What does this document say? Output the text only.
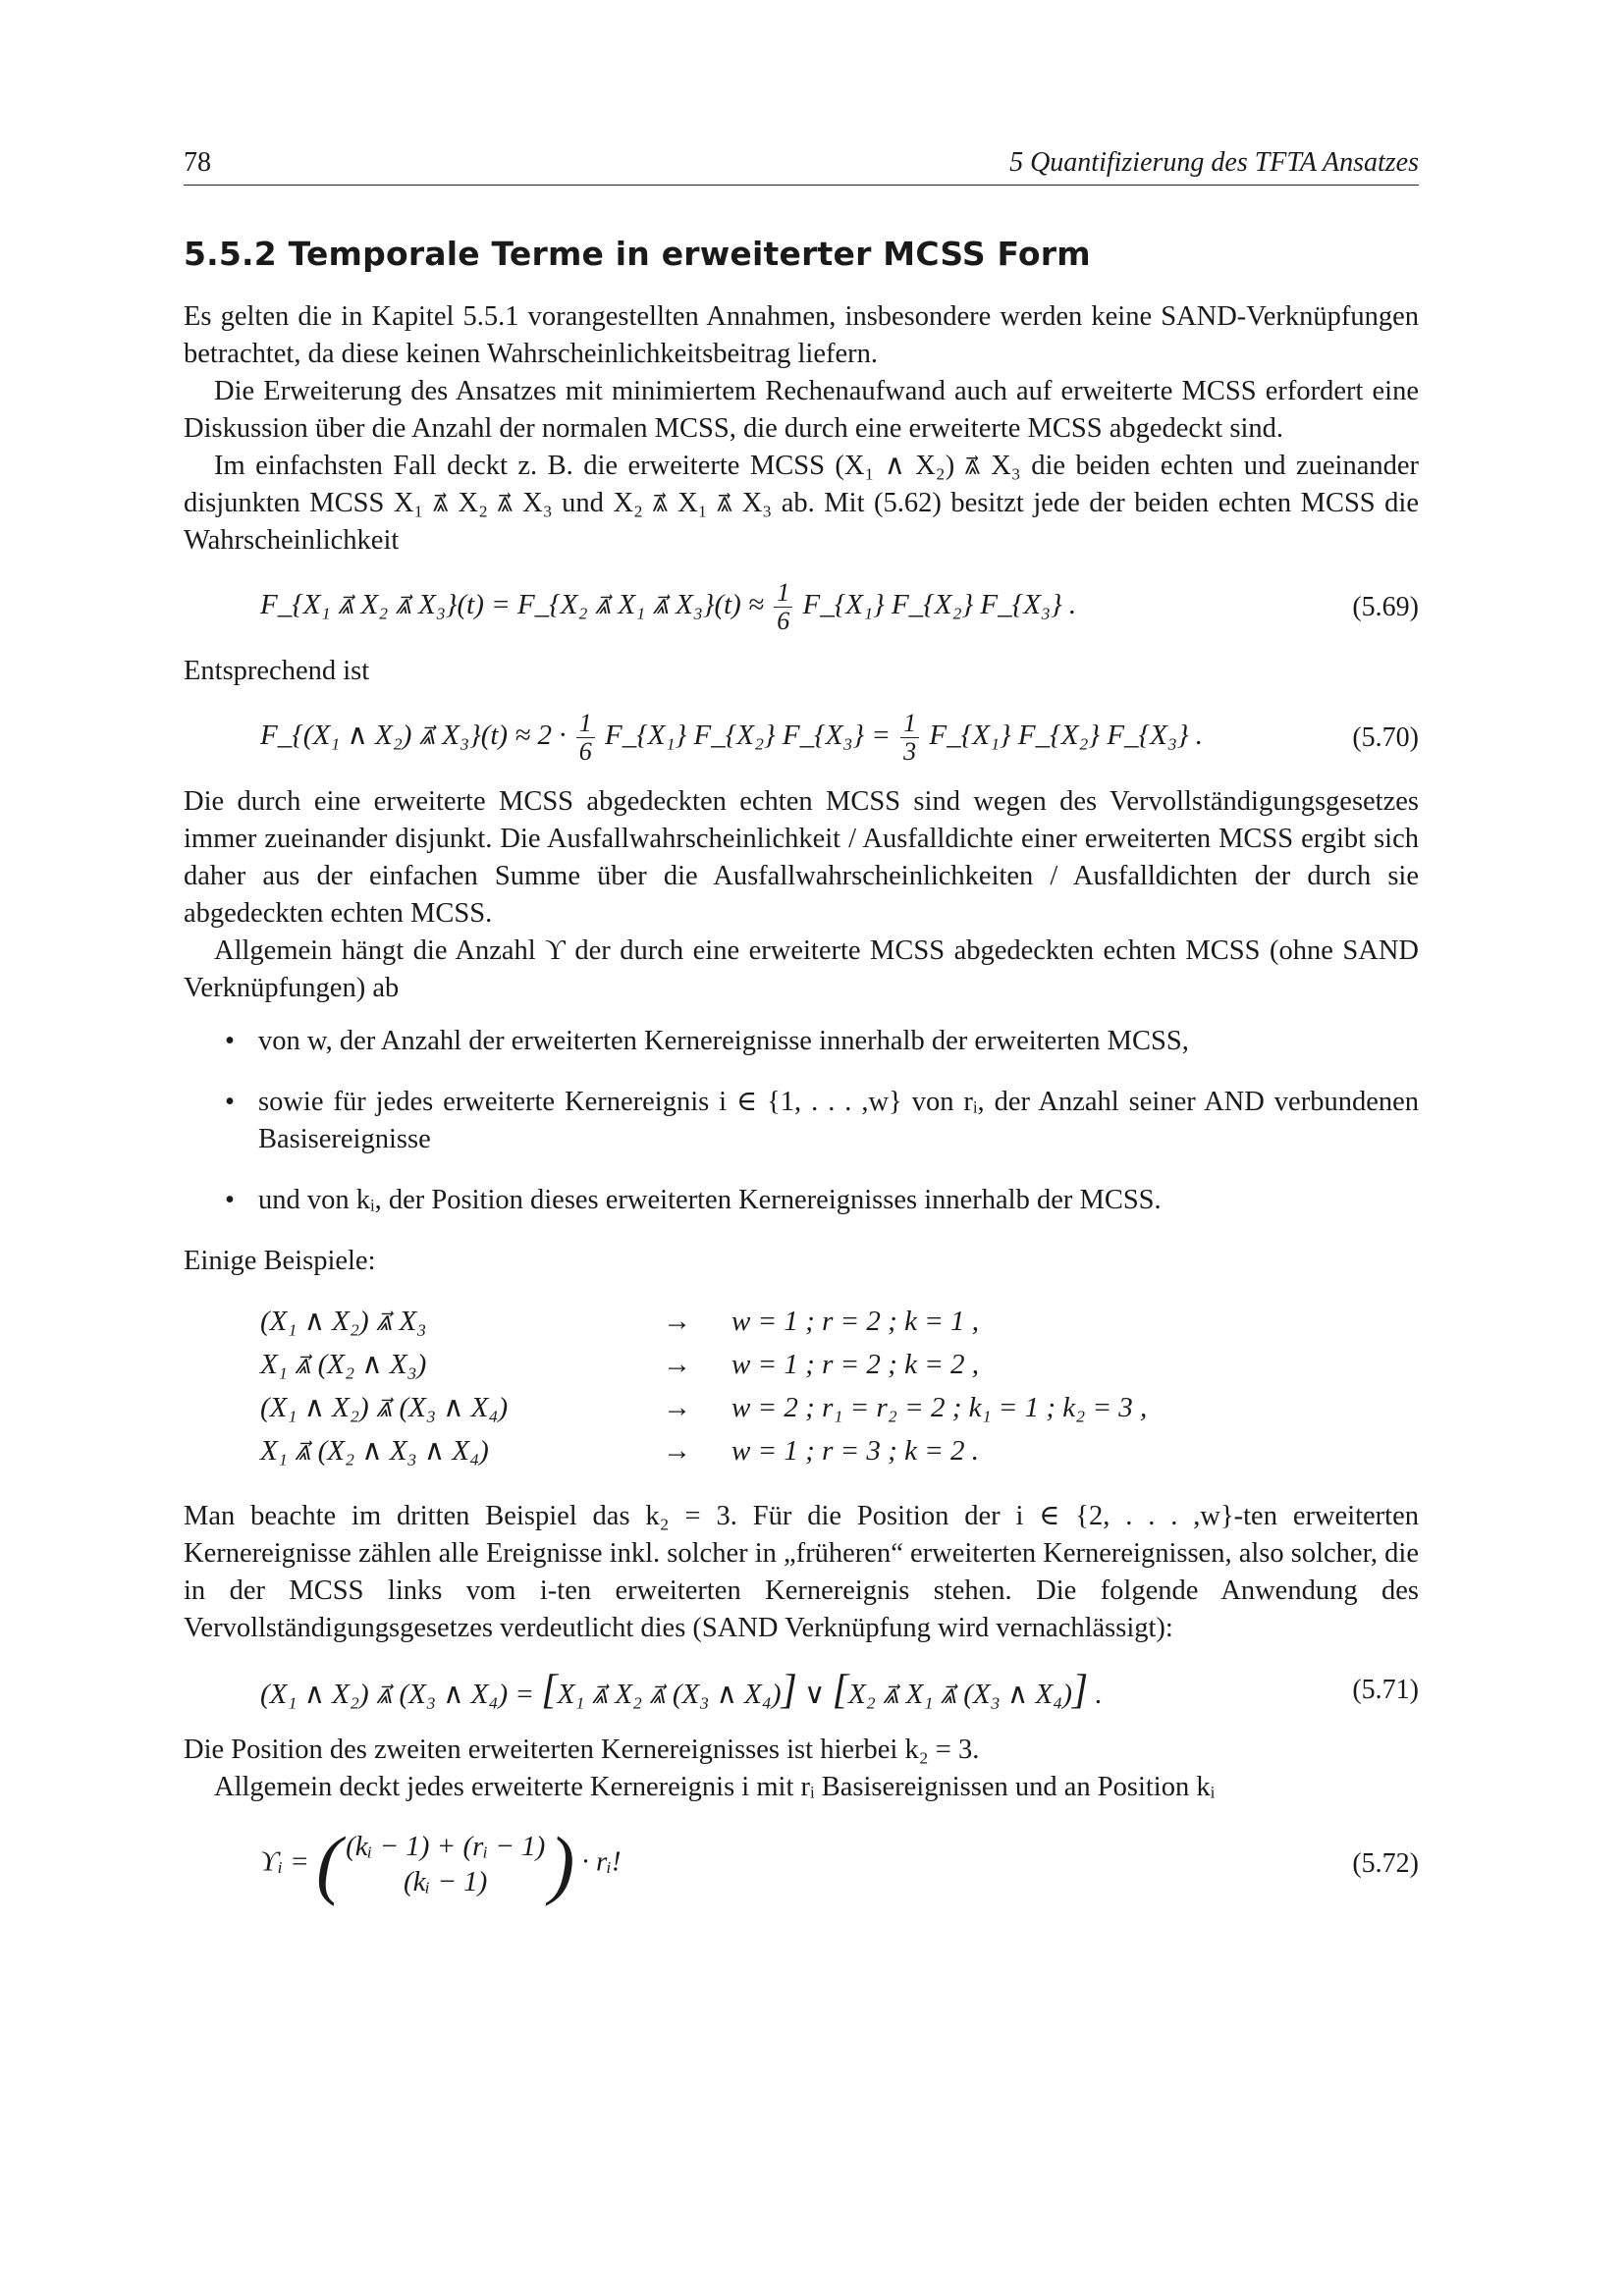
78	5 Quantifizierung des TFTA Ansatzes
5.5.2 Temporale Terme in erweiterter MCSS Form

Es gelten die in Kapitel 5.5.1 vorangestellten Annahmen, insbesondere werden keine SAND-Verknüpfungen betrachtet, da diese keinen Wahrscheinlichkeitsbeitrag liefern.

Die Erweiterung des Ansatzes mit minimiertem Rechenaufwand auch auf erweiterte MCSS erfordert eine Diskussion über die Anzahl der normalen MCSS, die durch eine erweiterte MCSS abgedeckt sind.

Im einfachsten Fall deckt z. B. die erweiterte MCSS (X₁ ∧ X₂) ⩓⃗ X₃ die beiden echten und zueinander disjunkten MCSS X₁ ⩓⃗ X₂ ⩓⃗ X₃ und X₂ ⩓⃗ X₁ ⩓⃗ X₃ ab. Mit (5.62) besitzt jede der beiden echten MCSS die Wahrscheinlichkeit

F_{X₁ ⩓⃗ X₂ ⩓⃗ X₃}(t) = F_{X₂ ⩓⃗ X₁ ⩓⃗ $X_3\}(t) \approx \frac{1}{6}$ F_{X₁} F_{X₂} F_{X₃} .	(5.69)

Entsprechend ist

F_{(X₁ ∧ X₂) ⩓⃗ $X_3\}(t) \approx 2 \cdot \frac{1}{6}$ F_{X₁} F_{X₂} F_{X₃} = $\frac{1}{3}$ F_{X₁} F_{X₂} F_{X₃} .	(5.70)

Die durch eine erweiterte MCSS abgedeckten echten MCSS sind wegen des Vervollständigungsgesetzes immer zueinander disjunkt. Die Ausfallwahrscheinlichkeit / Ausfalldichte einer erweiterten MCSS ergibt sich daher aus der einfachen Summe über die Ausfallwahrscheinlichkeiten / Ausfalldichten der durch sie abgedeckten echten MCSS.

Allgemein hängt die Anzahl ϒ der durch eine erweiterte MCSS abgedeckten echten MCSS (ohne SAND Verknüpfungen) ab

• von w, der Anzahl der erweiterten Kernereignisse innerhalb der erweiterten MCSS,
• sowie für jedes erweiterte Kernereignis i ∈ {1, . . . ,w} von rᵢ, der Anzahl seiner AND verbundenen Basisereignisse
• und von kᵢ, der Position dieses erweiterten Kernereignisses innerhalb der MCSS.

Einige Beispiele:

(X₁ ∧ X₂) ⩓⃗ X₃	→	w = 1 ; r = 2 ; k = 1 ,
X₁ ⩓⃗ (X₂ ∧ X₃)	→	w = 1 ; r = 2 ; k = 2 ,
(X₁ ∧ X₂) ⩓⃗ (X₃ ∧ X₄)	→	w = 2 ; r₁ = r₂ = 2 ; k₁ = 1 ; k₂ = 3 ,
X₁ ⩓⃗ (X₂ ∧ X₃ ∧ X₄)	→	w = 1 ; r = 3 ; k = 2 .

Man beachte im dritten Beispiel das k₂ = 3. Für die Position der i ∈ {2, . . . ,w}-ten erweiterten Kernereignisse zählen alle Ereignisse inkl. solcher in „früheren“ erweiterten Kernereignissen, also solcher, die in der MCSS links vom i-ten erweiterten Kernereignis stehen. Die folgende Anwendung des Vervollständigungsgesetzes verdeutlicht dies (SAND Verknüpfung wird vernachlässigt):

(X₁ ∧ X₂) ⩓⃗ (X₃ ∧ X₄) = [X₁ ⩓⃗ X₂ ⩓⃗ (X₃ ∧ X₄)] ∨ [X₂ ⩓⃗ X₁ ⩓⃗ (X₃ ∧ X₄)] .	(5.71)

Die Position des zweiten erweiterten Kernereignisses ist hierbei k₂ = 3.

Allgemein deckt jedes erweiterte Kernereignis i mit rᵢ Basisereignissen und an Position kᵢ

ϒᵢ = ( (kᵢ − 1) + (rᵢ − 1)
(kᵢ − 1) ) · rᵢ!	(5.72)
